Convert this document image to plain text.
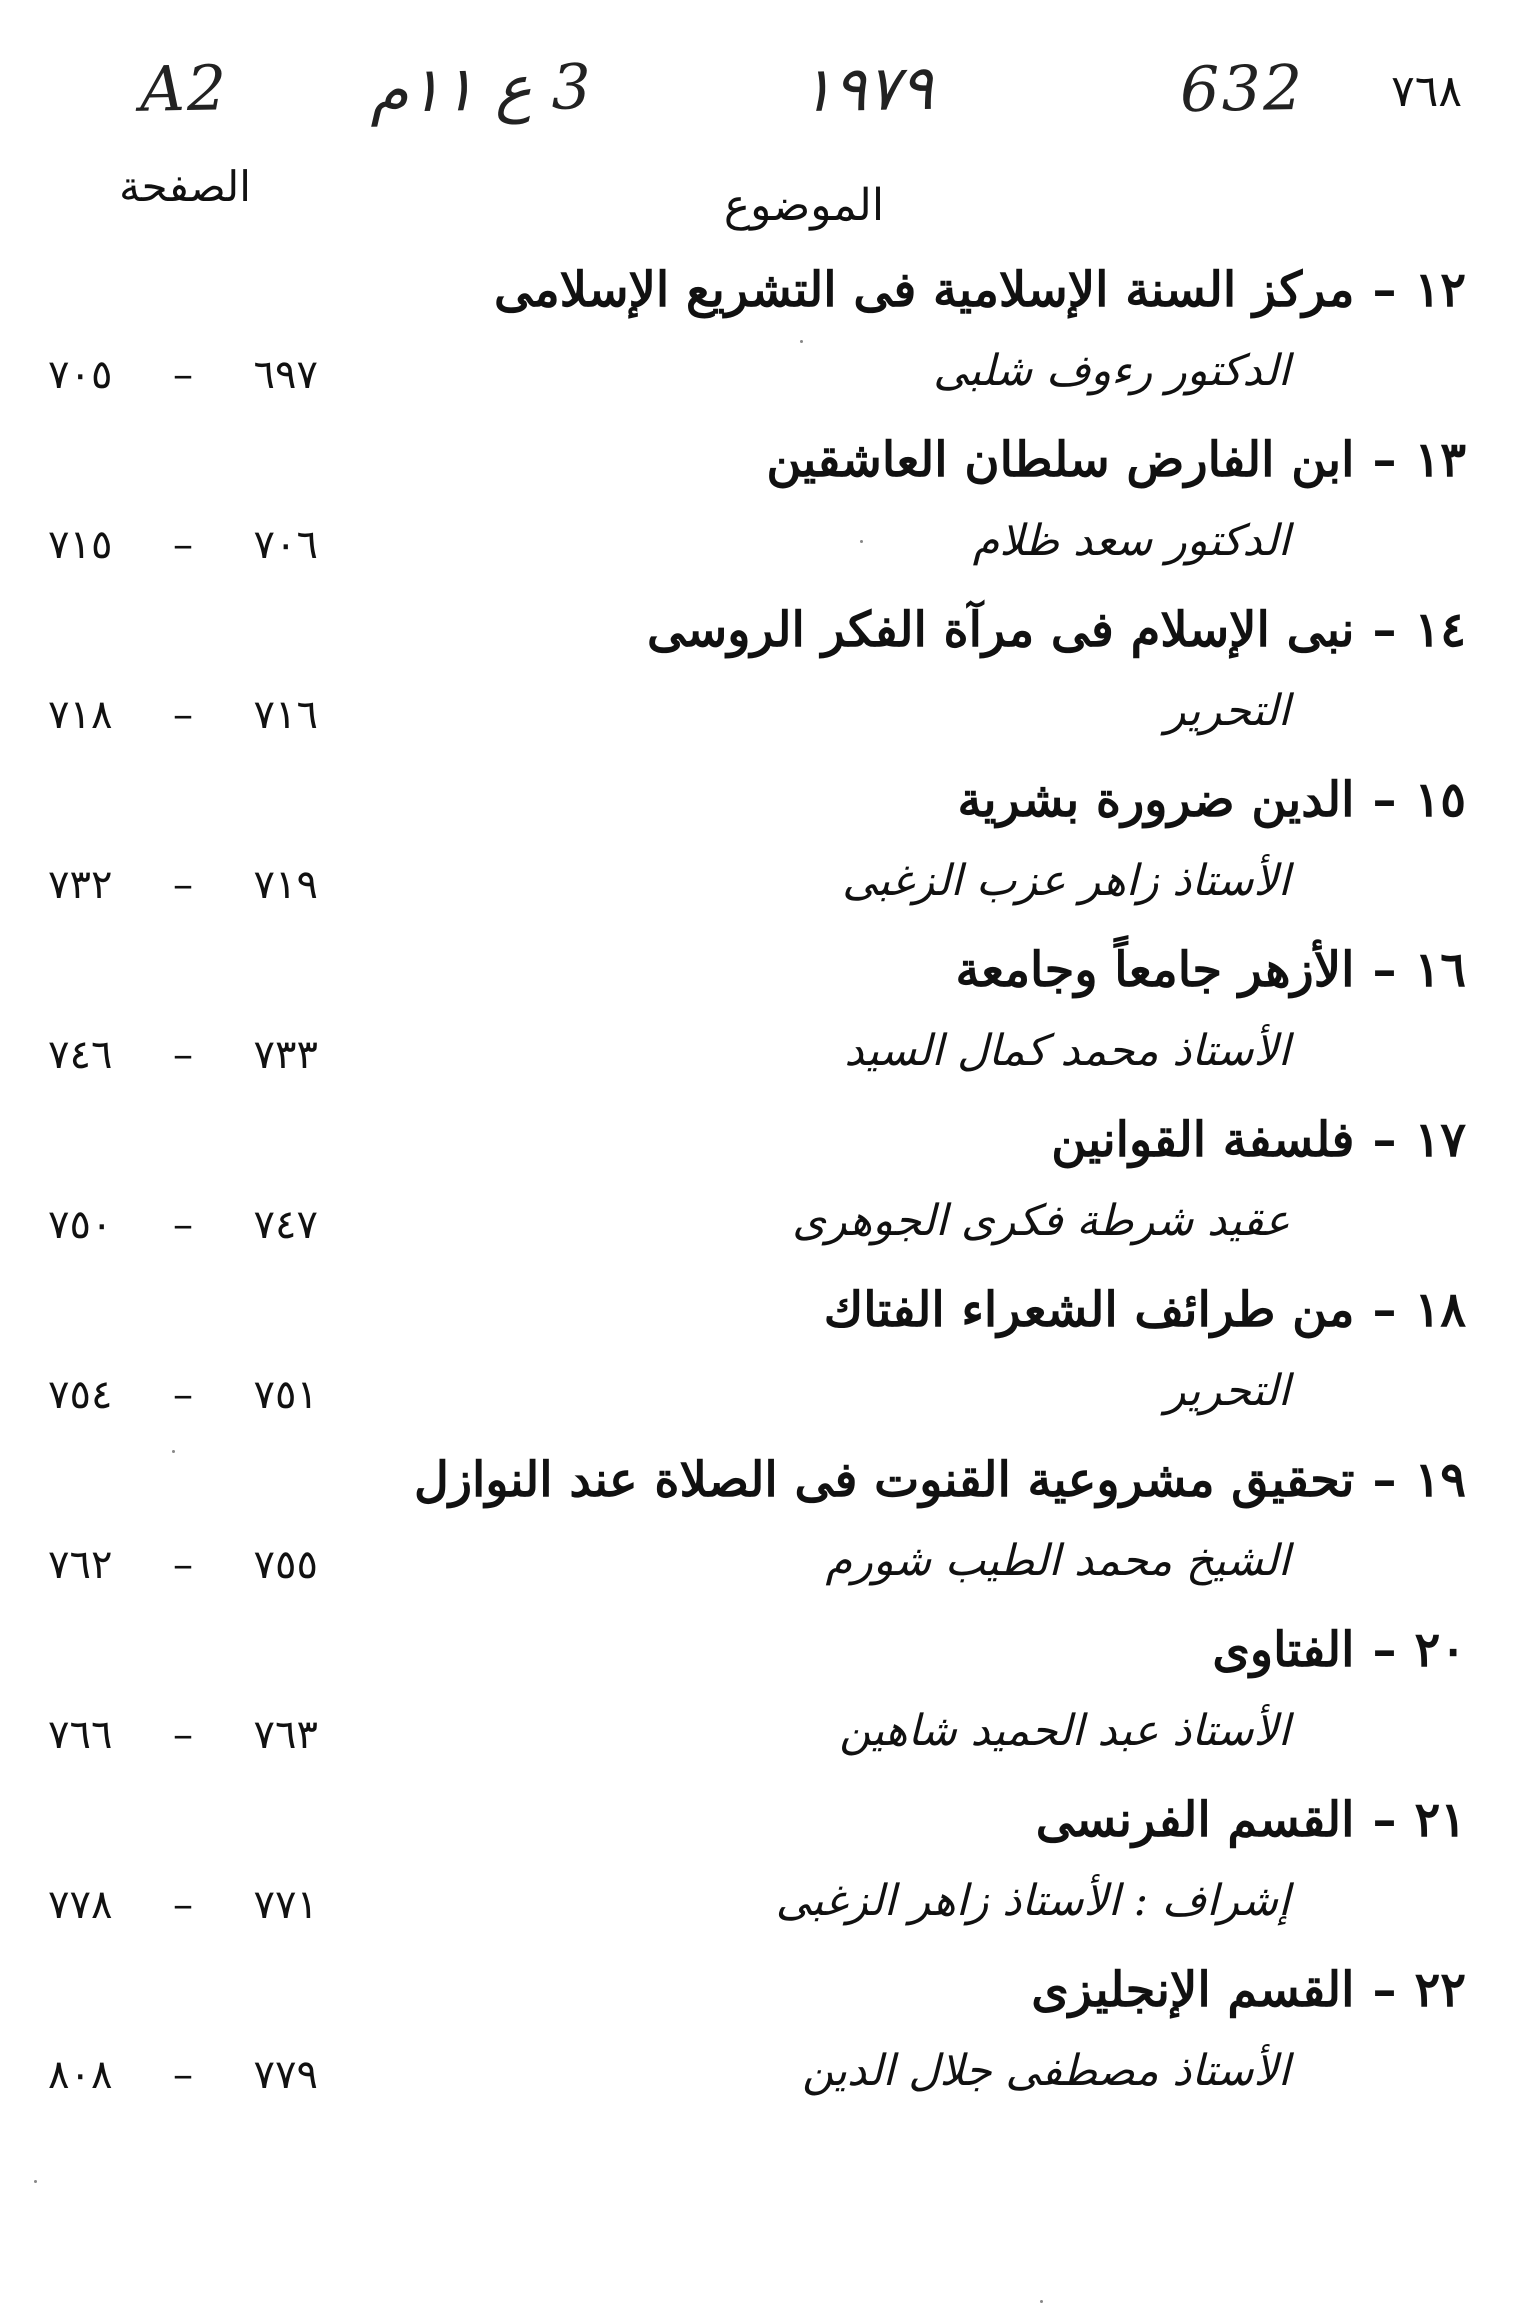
A2 3 ع ١١م	١٩٧٩	632 ٧٦٨
الموضوع
الصفحة
١٢
–
مركز السنة الإسلامية فى التشريع الإسلامى
الدكتور رءوف شلبى
٧٠٥ – ٦٩٧
١٣
–
ابن الفارض سلطان العاشقين
الدكتور سعد ظلام
٧١٥ – ٧٠٦
١٤
–
نبى الإسلام فى مرآة الفكر الروسى
التحرير
٧١٨ – ٧١٦
١٥
–
الدين ضرورة بشرية
الأستاذ زاهر عزب الزغبى
٧٣٢ – ٧١٩
١٦
–
الأزهر جامعاً وجامعة
الأستاذ محمد كمال السيد
٧٤٦ – ٧٣٣
١٧
–
فلسفة القوانين
عقيد شرطة فكرى الجوهرى
٧٥٠ – ٧٤٧
١٨
–
من طرائف الشعراء الفتاك
التحرير
٧٥٤ – ٧٥١
١٩
–
تحقيق مشروعية القنوت فى الصلاة عند النوازل
الشيخ محمد الطيب شورم
٧٦٢ – ٧٥٥
٢٠
–
الفتاوى
الأستاذ عبد الحميد شاهين
٧٦٦ – ٧٦٣
٢١
–
القسم الفرنسى
إشراف : الأستاذ زاهر الزغبى
٧٧٨ – ٧٧١
٢٢
–
القسم الإنجليزى
الأستاذ مصطفى جلال الدين
٨٠٨ – ٧٧٩
